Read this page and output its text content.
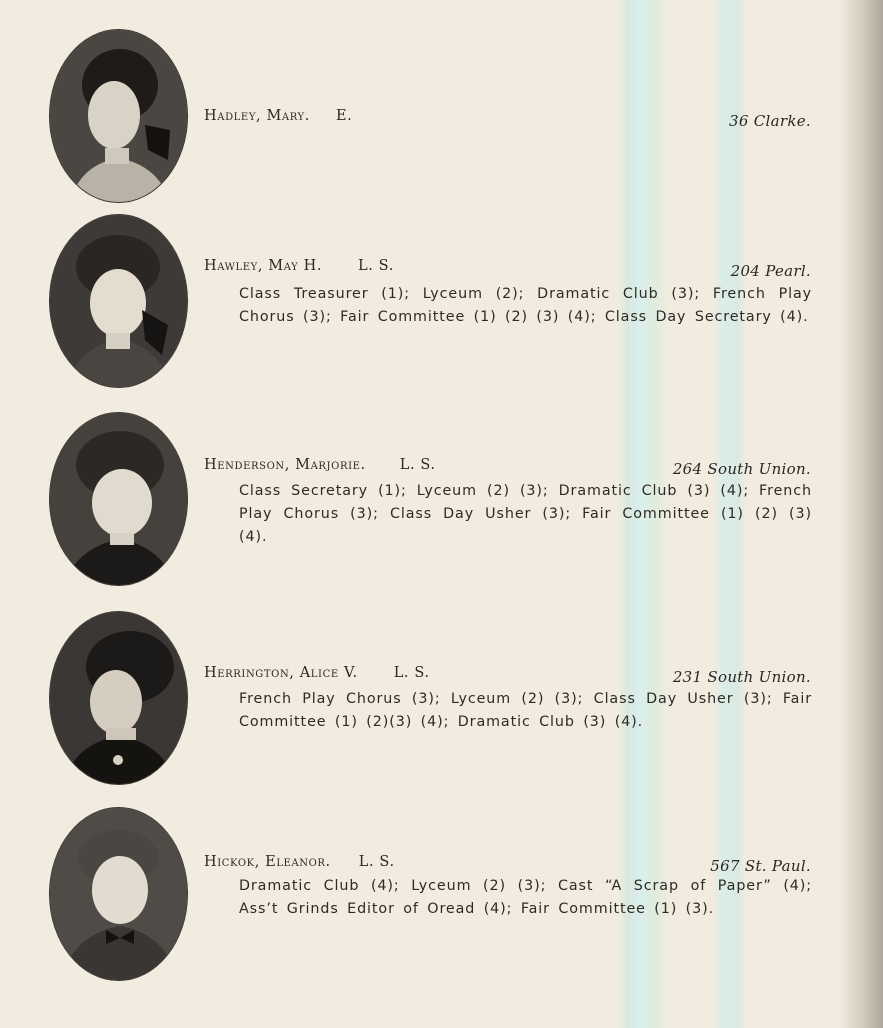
Hadley, Mary. E.	36 Clarke.
Hawley, May H. L. S.	204 Pearl.
Class Treasurer (1); Lyceum (2); Dramatic Club (3); French Play Chorus (3); Fair Committee (1) (2) (3) (4); Class Day Secretary (4).
Henderson, Marjorie. L. S.	264 South Union.
Class Secretary (1); Lyceum (2) (3); Dramatic Club (3) (4); French Play Chorus (3); Class Day Usher (3); Fair Committee (1) (2) (3) (4).
Herrington, Alice V. L. S.	231 South Union.
French Play Chorus (3); Lyceum (2) (3); Class Day Usher (3); Fair Committee (1) (2)(3) (4); Dramatic Club (3) (4).
Hickok, Eleanor. L. S.	567 St. Paul.
Dramatic Club (4); Lyceum (2) (3); Cast “A Scrap of Paper” (4); Ass’t Grinds Editor of Oread (4); Fair Committee (1) (3).
